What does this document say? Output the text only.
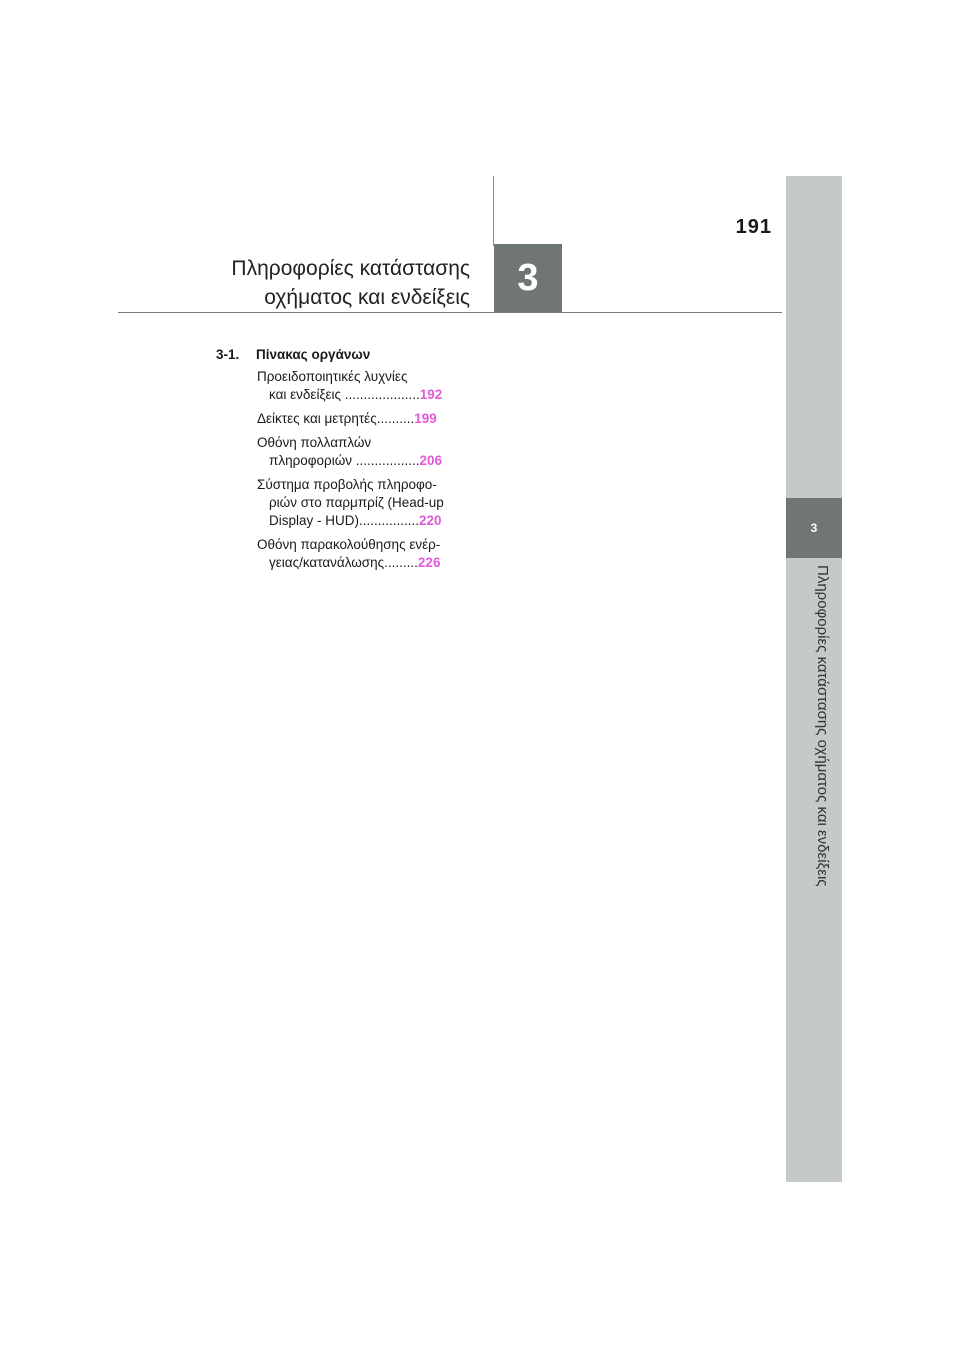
191
Πληροφορίες κατάστασης
οχήματος και ενδείξεις	3
3
Πληροφορίες κατάστασης οχήματος και ενδείξεις
3-1. Πίνακας οργάνων
Προειδοποιητικές λυχνίες
και ενδείξεις ....................192
Δείκτες και μετρητές..........199
Οθόνη πολλαπλών
πληροφοριών .................206
Σύστημα προβολής πληροφο-
ριών στο παρμπρίζ (Head-up
Display - HUD)................220
Οθόνη παρακολούθησης ενέρ-
γειας/κατανάλωσης.........226
